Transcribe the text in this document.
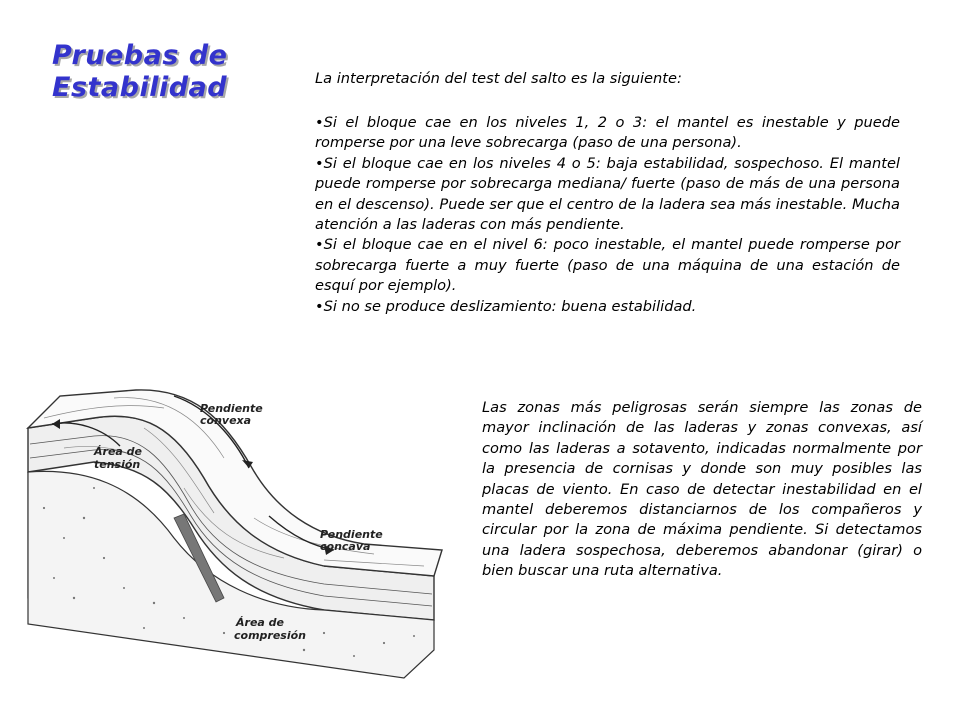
Pruebas de Estabilidad	La interpretación del test del salto es la siguiente:

• Si el bloque cae en los niveles 1, 2 o 3: el mantel es inestable y puede romperse por una leve sobrecarga (paso de una persona).
• Si el bloque cae en los niveles 4 o 5: baja estabilidad, sospechoso. El mantel puede romperse por sobrecarga mediana/ fuerte (paso de más de una persona en el descenso). Puede ser que el centro de la ladera sea más inestable. Mucha atención a las laderas con más pendiente.
• Si el bloque cae en el nivel 6: poco inestable, el mantel puede romperse por sobrecarga fuerte a muy fuerte (paso de una máquina de una estación de esquí por ejemplo).
• Si no se produce deslizamiento: buena estabilidad.

Las zonas más peligrosas serán siempre las zonas de mayor inclinación de las laderas y zonas convexas, así como las laderas a sotavento, indicadas normalmente por la presencia de cornisas y donde son muy posibles las placas de viento. En caso de detectar inestabilidad en el mantel deberemos distanciarnos de los compañeros y circular por la zona de máxima pendiente. Si detectamos una ladera sospechosa, deberemos abandonar (girar) o bien buscar una ruta alternativa.

Pendiente
convexa
Área de
tensión
Pendiente
concava
Área de
compresión
